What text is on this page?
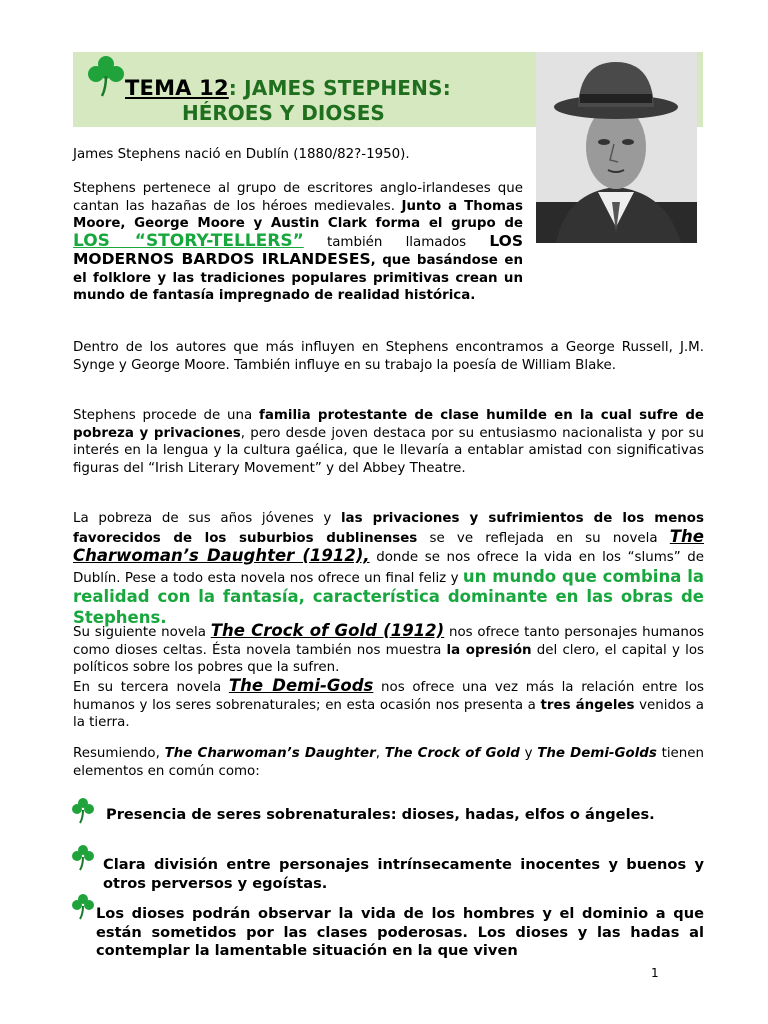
TEMA 12: JAMES STEPHENS:
HÉROES Y DIOSES

James Stephens nació en Dublín (1880/82?-1950).

Stephens pertenece al grupo de escritores anglo-irlandeses que cantan las hazañas de los héroes medievales. Junto a Thomas Moore, George Moore y Austin Clark forma el grupo de LOS “STORY-TELLERS” también llamados LOS MODERNOS BARDOS IRLANDESES, que basándose en el folklore y las tradiciones populares primitivas crean un mundo de fantasía impregnado de realidad histórica.

Dentro de los autores que más influyen en Stephens encontramos a George Russell, J.M. Synge y George Moore. También influye en su trabajo la poesía de William Blake.

Stephens procede de una familia protestante de clase humilde en la cual sufre de pobreza y privaciones, pero desde joven destaca por su entusiasmo nacionalista y por su interés en la lengua y la cultura gaélica, que le llevaría a entablar amistad con significativas figuras del “Irish Literary Movement” y del Abbey Theatre.

La pobreza de sus años jóvenes y las privaciones y sufrimientos de los menos favorecidos de los suburbios dublinenses se ve reflejada en su novela The Charwoman’s Daughter (1912), donde se nos ofrece la vida en los “slums” de Dublín. Pese a todo esta novela nos ofrece un final feliz y un mundo que combina la realidad con la fantasía, característica dominante en las obras de Stephens.

Su siguiente novela The Crock of Gold (1912) nos ofrece tanto personajes humanos como dioses celtas. Ésta novela también nos muestra la opresión del clero, el capital y los políticos sobre los pobres que la sufren.

En su tercera novela The Demi-Gods nos ofrece una vez más la relación entre los humanos y los seres sobrenaturales; en esta ocasión nos presenta a tres ángeles venidos a la tierra.

Resumiendo, The Charwoman’s Daughter, The Crock of Gold y The Demi-Golds tienen elementos en común como:

Presencia de seres sobrenaturales: dioses, hadas, elfos o ángeles.

Clara división entre personajes intrínsecamente inocentes y buenos y otros perversos y egoístas.

Los dioses podrán observar la vida de los hombres y el dominio a que están sometidos por las clases poderosas. Los dioses y las hadas al contemplar la lamentable situación en la que viven

1
